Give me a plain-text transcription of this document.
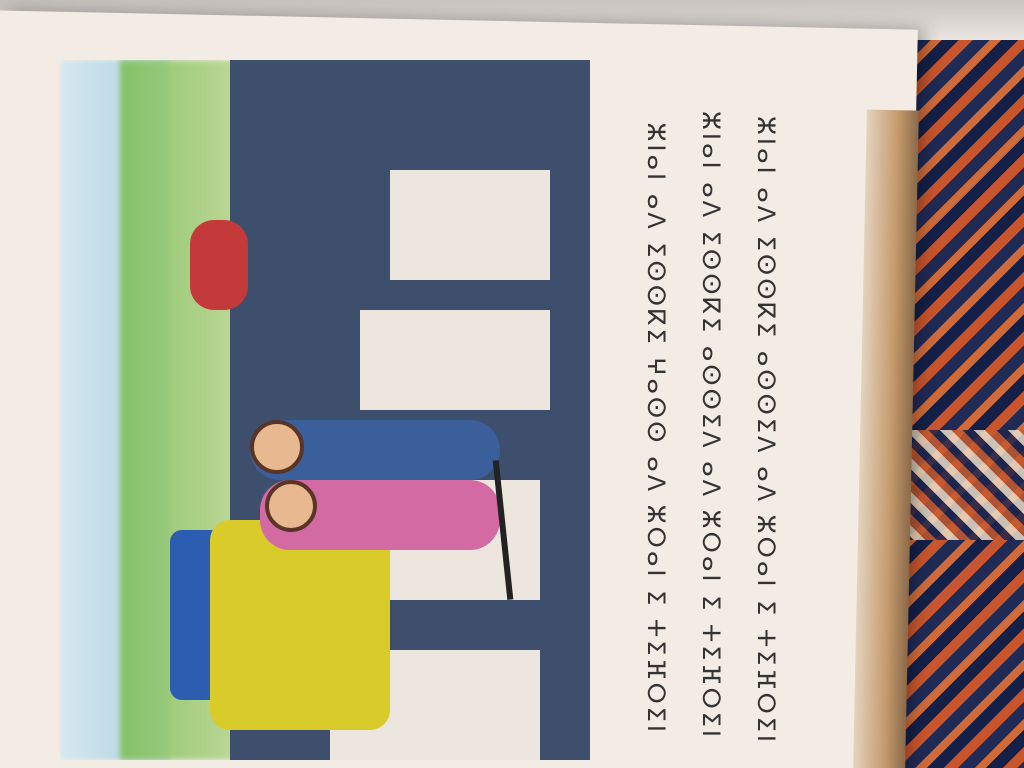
ⵣⵏⴰⵏ ⴰⴷ ⵉⵙⵙⴽⵉ ⵖⴰⵙⵙ ⴰⴷ ⵣⵔⴰⵏ ⵉ ⵜⵉⴼⵔⵉⵏ	ⵣⵏⴰⵏ ⴰⴷ ⵉⵙⵙⴽⵉ ⴰⵙⵙⵉⴷ ⴰⴷ ⵣⵔⴰⵏ ⵉ ⵜⵉⴼⵔⵉⵏ	ⵣⵏⴰⵏ ⴰⴷ ⵉⵙⵙⴽⵉ ⴰⵙⵙⵉⴷ ⴰⴷ ⵣⵔⴰⵏ ⵉ ⵜⵉⴼⵔⵉⵏ
